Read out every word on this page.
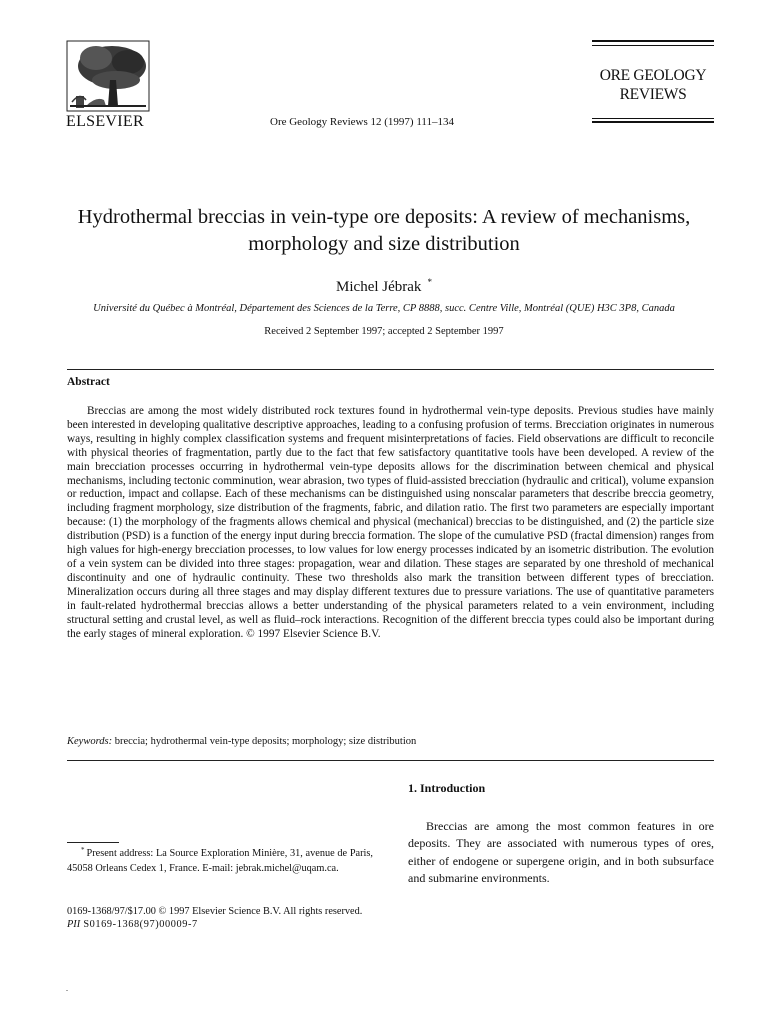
ELSEVIER	Ore Geology Reviews 12 (1997) 111–134
ORE GEOLOGY
REVIEWS
Hydrothermal breccias in vein-type ore deposits: A review of mechanisms, morphology and size distribution
Michel Jébrak *
Université du Québec à Montréal, Département des Sciences de la Terre, CP 8888, succ. Centre Ville, Montréal (QUE) H3C 3P8, Canada
Received 2 September 1997; accepted 2 September 1997
Abstract
Breccias are among the most widely distributed rock textures found in hydrothermal vein-type deposits. Previous studies have mainly been interested in developing qualitative descriptive approaches, leading to a confusing profusion of terms. Brecciation originates in numerous ways, resulting in highly complex classification systems and frequent misinterpretations of facies. Field observations are difficult to reconcile with physical theories of fragmentation, partly due to the fact that few satisfactory quantitative tools have been developed. A review of the main brecciation processes occurring in hydrothermal vein-type deposits allows for the discrimination between chemical and physical mechanisms, including tectonic comminution, wear abrasion, two types of fluid-assisted brecciation (hydraulic and critical), volume expansion or reduction, impact and collapse. Each of these mechanisms can be distinguished using nonscalar parameters that describe breccia geometry, including fragment morphology, size distribution of the fragments, fabric, and dilation ratio. The first two parameters are especially important because: (1) the morphology of the fragments allows chemical and physical (mechanical) breccias to be distinguished, and (2) the particle size distribution (PSD) is a function of the energy input during breccia formation. The slope of the cumulative PSD (fractal dimension) ranges from high values for high-energy brecciation processes, to low values for low energy processes indicated by an isometric distribution. The evolution of a vein system can be divided into three stages: propagation, wear and dilation. These stages are separated by one threshold of mechanical discontinuity and one of hydraulic continuity. These two thresholds also mark the transition between different types of brecciation. Mineralization occurs during all three stages and may display different textures due to pressure variations. The use of quantitative parameters in fault-related hydrothermal breccias allows a better understanding of the physical parameters related to a vein environment, including structural setting and crustal level, as well as fluid–rock interactions. Recognition of the different breccia types could also be important during the early stages of mineral exploration. © 1997 Elsevier Science B.V.
Keywords: breccia; hydrothermal vein-type deposits; morphology; size distribution
1. Introduction
Breccias are among the most common features in ore deposits. They are associated with numerous types of ores, either of endogene or supergene origin, and in both subsurface and submarine environments.
* Present address: La Source Exploration Minière, 31, avenue de Paris, 45058 Orleans Cedex 1, France. E-mail: jebrak.michel@uqam.ca.
0169-1368/97/$17.00 © 1997 Elsevier Science B.V. All rights reserved.
PII S0169-1368(97)00009-7
.
